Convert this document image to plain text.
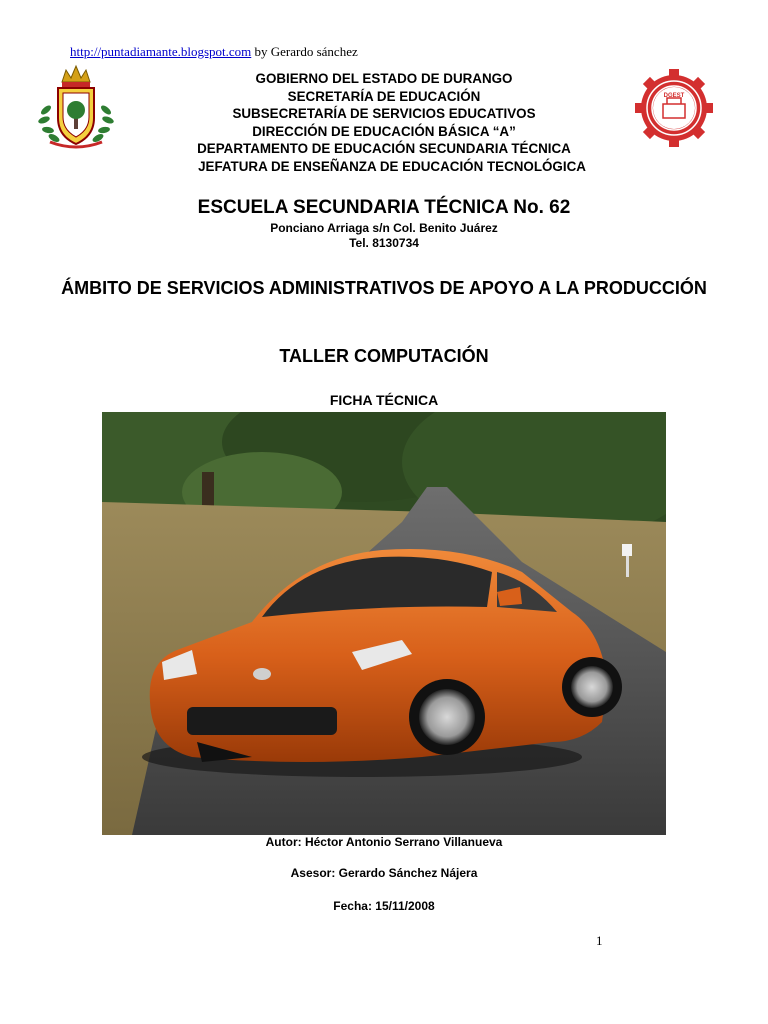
http://puntadiamante.blogspot.com by Gerardo sánchez
DGEST
GOBIERNO DEL ESTADO DE DURANGO
SECRETARÍA DE EDUCACIÓN
SUBSECRETARÍA DE SERVICIOS EDUCATIVOS
DIRECCIÓN DE EDUCACIÓN BÁSICA “A”
DEPARTAMENTO DE EDUCACIÓN SECUNDARIA TÉCNICA
JEFATURA DE ENSEÑANZA DE EDUCACIÓN TECNOLÓGICA
ESCUELA SECUNDARIA TÉCNICA No. 62
Ponciano Arriaga s/n Col. Benito Juárez
Tel. 8130734
ÁMBITO DE SERVICIOS ADMINISTRATIVOS DE APOYO A LA PRODUCCIÓN
TALLER COMPUTACIÓN
FICHA TÉCNICA
Autor: Héctor Antonio Serrano Villanueva
Asesor: Gerardo Sánchez Nájera
Fecha: 15/11/2008
1
